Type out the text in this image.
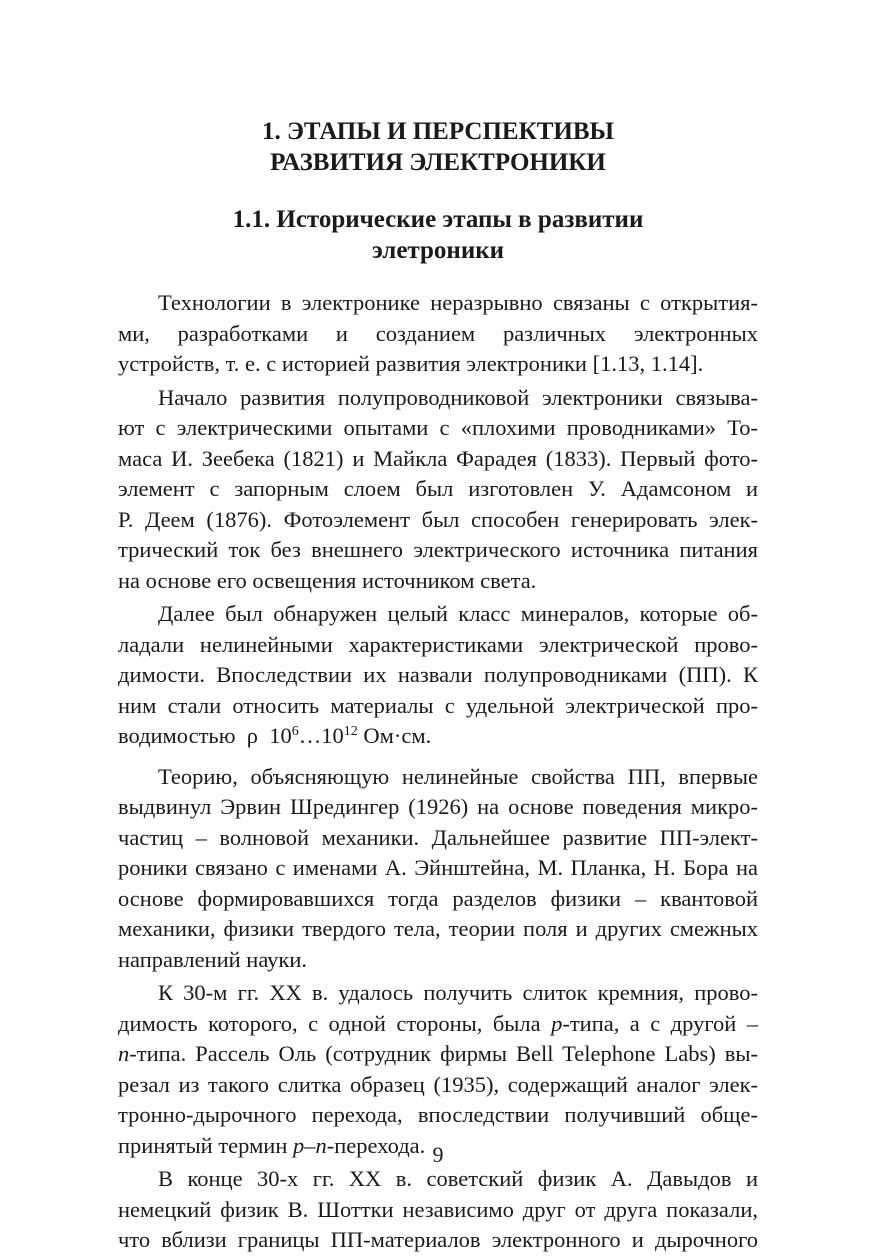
1. ЭТАПЫ И ПЕРСПЕКТИВЫ
РАЗВИТИЯ ЭЛЕКТРОНИКИ
1.1. Исторические этапы в развитии
элетроники
Технологии в электронике неразрывно связаны с открытия-
ми, разработками и созданием различных электронных
устройств, т. е. с историей развития электроники [1.13, 1.14].
Начало развития полупроводниковой электроники связыва-
ют с электрическими опытами с «плохими проводниками» То-
маса И. Зеебека (1821) и Майкла Фарадея (1833). Первый фото-
элемент с запорным слоем был изготовлен У. Адамсоном и
Р. Деем (1876). Фотоэлемент был способен генерировать элек-
трический ток без внешнего электрического источника питания
на основе его освещения источником света.
Далее был обнаружен целый класс минералов, которые об-
ладали нелинейными характеристиками электрической прово-
димости. Впоследствии их назвали полупроводниками (ПП). К
ним стали относить материалы с удельной электрической про-
водимостью  ρ  $10^6\dots 10^{12}$ Ом·см.
Теорию, объясняющую нелинейные свойства ПП, впервые
выдвинул Эрвин Шредингер (1926) на основе поведения микро-
частиц – волновой механики. Дальнейшее развитие ПП-элект-
роники связано с именами А. Эйнштейна, М. Планка, Н. Бора на
основе формировавшихся тогда разделов физики – квантовой
механики, физики твердого тела, теории поля и других смежных
направлений науки.
К 30-м гг. XX в. удалось получить слиток кремния, прово-
димость которого, с одной стороны, была p-типа, а с другой –
n-типа. Рассель Оль (сотрудник фирмы Bell Telephone Labs) вы-
резал из такого слитка образец (1935), содержащий аналог элек-
тронно-дырочного перехода, впоследствии получивший обще-
принятый термин p–n-перехода.
В конце 30-х гг. XX в. советский физик А. Давыдов и
немецкий физик В. Шоттки независимо друг от друга показали,
что вблизи границы ПП-материалов электронного и дырочного
9
